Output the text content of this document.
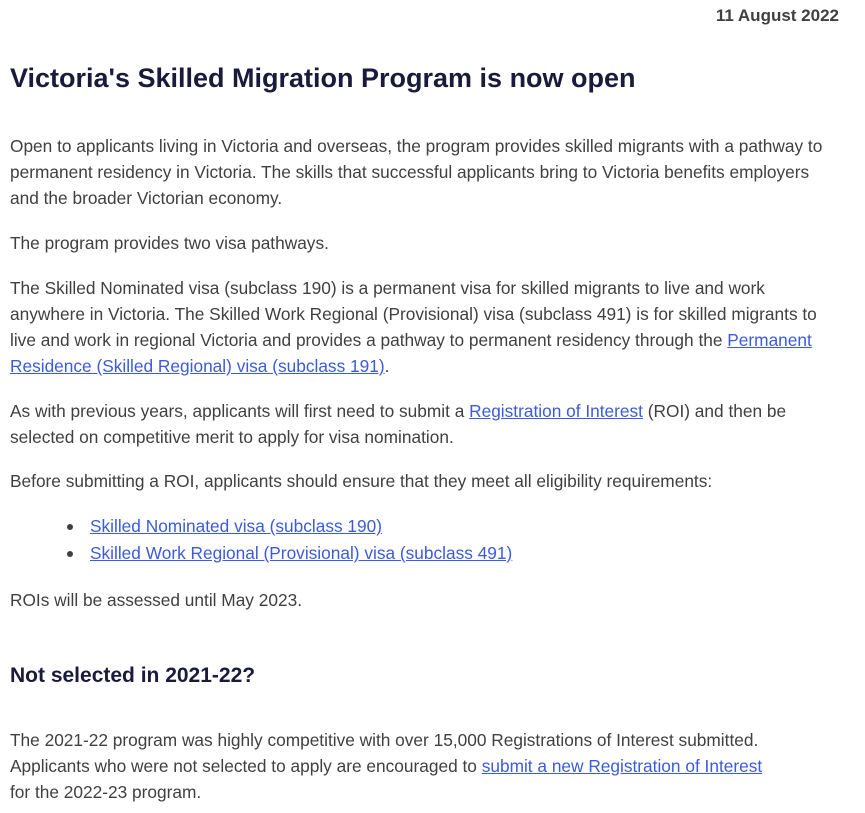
11 August 2022
Victoria's Skilled Migration Program is now open

Open to applicants living in Victoria and overseas, the program provides skilled migrants with a pathway to permanent residency in Victoria. The skills that successful applicants bring to Victoria benefits employers and the broader Victorian economy.

The program provides two visa pathways.

The Skilled Nominated visa (subclass 190) is a permanent visa for skilled migrants to live and work anywhere in Victoria. The Skilled Work Regional (Provisional) visa (subclass 491) is for skilled migrants to live and work in regional Victoria and provides a pathway to permanent residency through the Permanent Residence (Skilled Regional) visa (subclass 191).

As with previous years, applicants will first need to submit a Registration of Interest (ROI) and then be selected on competitive merit to apply for visa nomination.

Before submitting a ROI, applicants should ensure that they meet all eligibility requirements:

Skilled Nominated visa (subclass 190)
Skilled Work Regional (Provisional) visa (subclass 491)

ROIs will be assessed until May 2023.

Not selected in 2021-22?

The 2021-22 program was highly competitive with over 15,000 Registrations of Interest submitted. Applicants who were not selected to apply are encouraged to submit a new Registration of Interest for the 2022-23 program.
